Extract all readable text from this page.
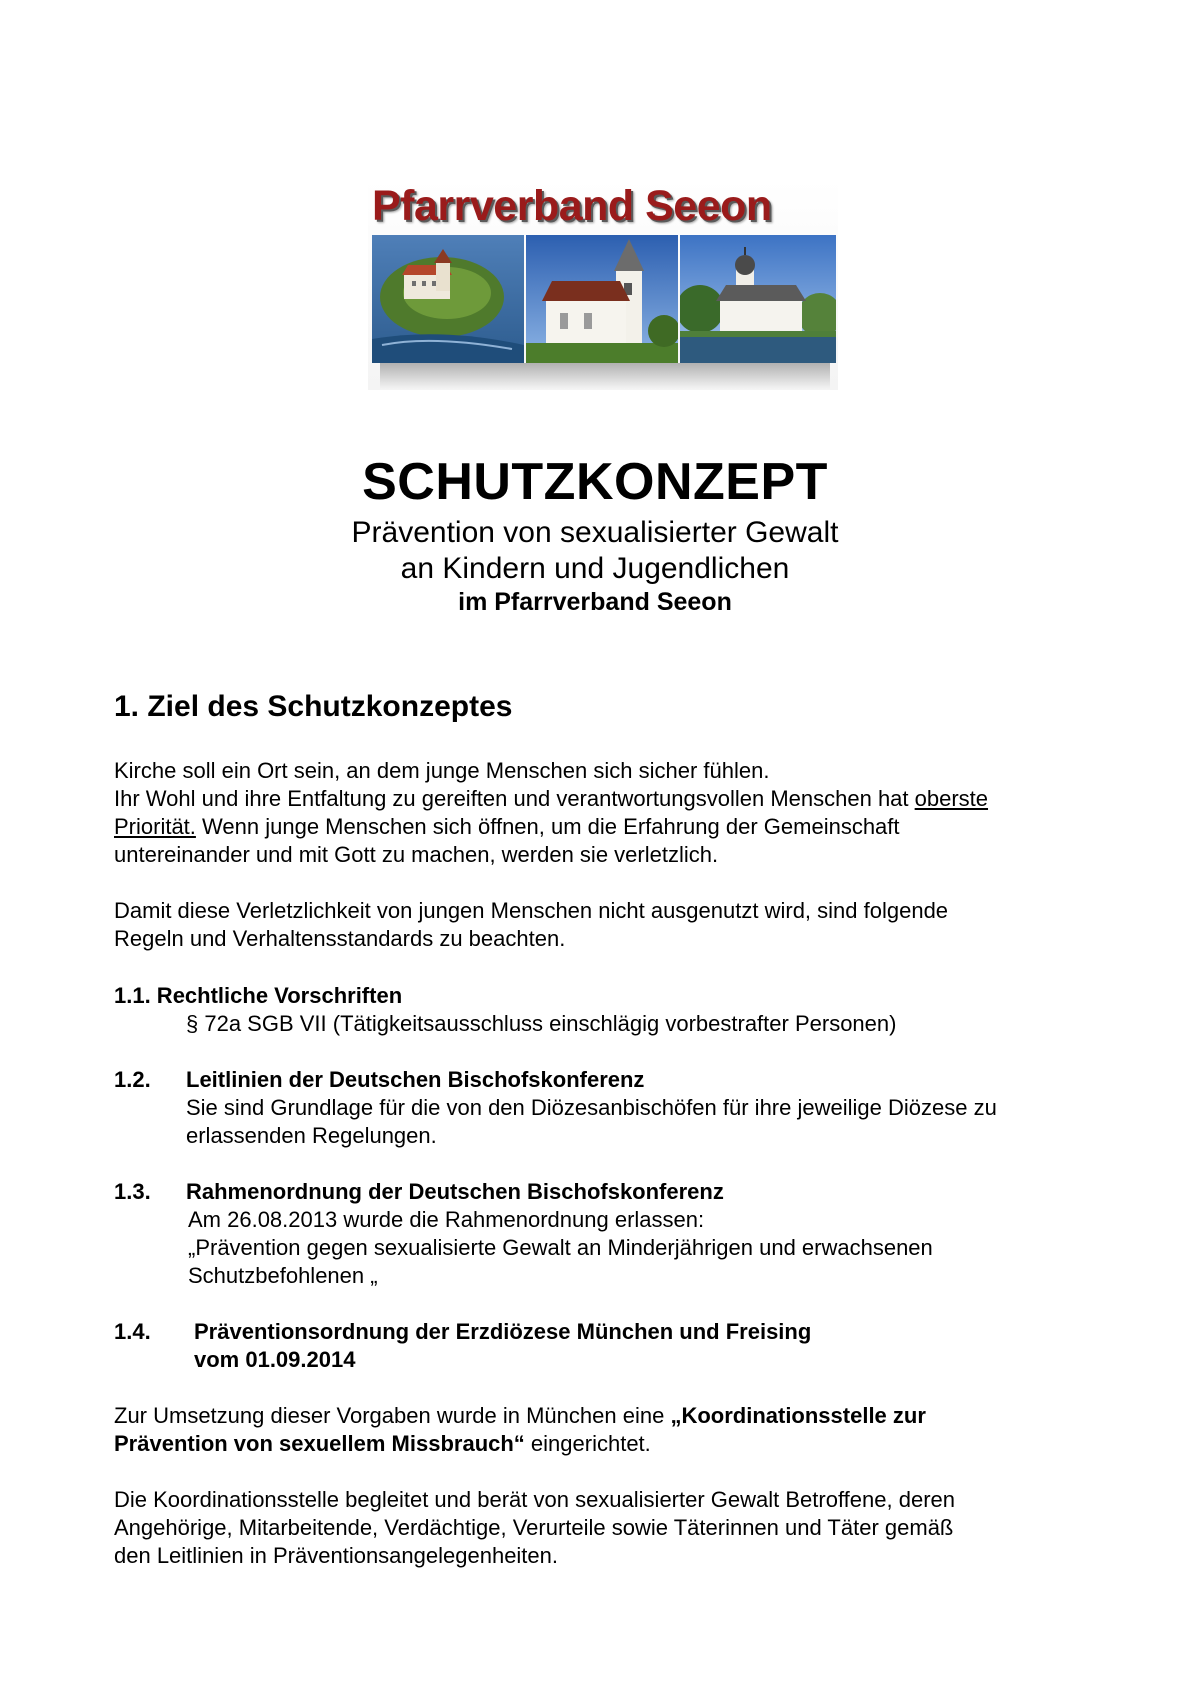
Pfarrverband Seeon
SCHUTZKONZEPT
Prävention von sexualisierter Gewalt
an Kindern und Jugendlichen
im Pfarrverband Seeon
1. Ziel des Schutzkonzeptes
Kirche soll ein Ort sein, an dem junge Menschen sich sicher fühlen.
Ihr Wohl und ihre Entfaltung zu gereiften und verantwortungsvollen Menschen hat oberste
Priorität. Wenn junge Menschen sich öffnen, um die Erfahrung der Gemeinschaft
untereinander und mit Gott zu machen, werden sie verletzlich.
Damit diese Verletzlichkeit von jungen Menschen nicht ausgenutzt wird, sind folgende
Regeln und Verhaltensstandards zu beachten.
1.1. Rechtliche Vorschriften
§ 72a SGB VII (Tätigkeitsausschluss einschlägig vorbestrafter Personen)
1.2. Leitlinien der Deutschen Bischofskonferenz
Sie sind Grundlage für die von den Diözesanbischöfen für ihre jeweilige Diözese zu
erlassenden Regelungen.
1.3. Rahmenordnung der Deutschen Bischofskonferenz
Am 26.08.2013 wurde die Rahmenordnung erlassen:
„Prävention gegen sexualisierte Gewalt an Minderjährigen und erwachsenen
Schutzbefohlenen „
1.4. Präventionsordnung der Erzdiözese München und Freising
vom 01.09.2014
Zur Umsetzung dieser Vorgaben wurde in München eine „Koordinationsstelle zur
Prävention von sexuellem Missbrauch“ eingerichtet.
Die Koordinationsstelle begleitet und berät von sexualisierter Gewalt Betroffene, deren
Angehörige, Mitarbeitende, Verdächtige, Verurteile sowie Täterinnen und Täter gemäß
den Leitlinien in Präventionsangelegenheiten.
